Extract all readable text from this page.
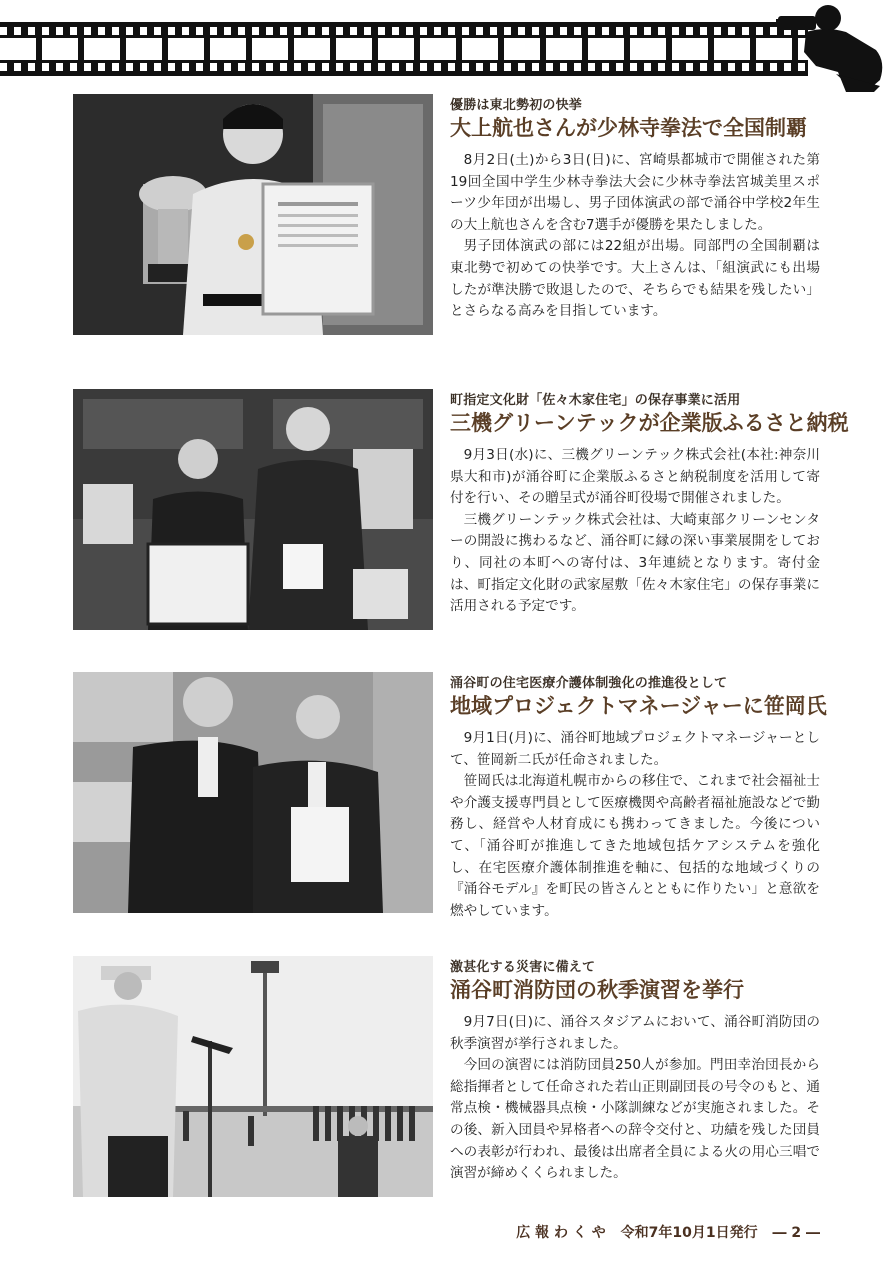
優勝は東北勢初の快挙
大上航也さんが少林寺拳法で全国制覇

8月2日(土)から3日(日)に、宮崎県都城市で開催された第19回全国中学生少林寺拳法大会に少林寺拳法宮城美里スポーツ少年団が出場し、男子団体演武の部で涌谷中学校2年生の大上航也さんを含む7選手が優勝を果たしました。

男子団体演武の部には22組が出場。同部門の全国制覇は東北勢で初めての快挙です。大上さんは、「組演武にも出場したが準決勝で敗退したので、そちらでも結果を残したい」とさらなる高みを目指しています。

町指定文化財「佐々木家住宅」の保存事業に活用
三機グリーンテックが企業版ふるさと納税

9月3日(水)に、三機グリーンテック株式会社(本社:神奈川県大和市)が涌谷町に企業版ふるさと納税制度を活用して寄付を行い、その贈呈式が涌谷町役場で開催されました。

三機グリーンテック株式会社は、大崎東部クリーンセンターの開設に携わるなど、涌谷町に縁の深い事業展開をしており、同社の本町への寄付は、3年連続となります。寄付金は、町指定文化財の武家屋敷「佐々木家住宅」の保存事業に活用される予定です。

涌谷町の住宅医療介護体制強化の推進役として
地域プロジェクトマネージャーに笹岡氏

9月1日(月)に、涌谷町地域プロジェクトマネージャーとして、笹岡新二氏が任命されました。

笹岡氏は北海道札幌市からの移住で、これまで社会福祉士や介護支援専門員として医療機関や高齢者福祉施設などで勤務し、経営や人材育成にも携わってきました。今後について、「涌谷町が推進してきた地域包括ケアシステムを強化し、在宅医療介護体制推進を軸に、包括的な地域づくりの『涌谷モデル』を町民の皆さんとともに作りたい」と意欲を燃やしています。

激甚化する災害に備えて
涌谷町消防団の秋季演習を挙行

9月7日(日)に、涌谷スタジアムにおいて、涌谷町消防団の秋季演習が挙行されました。

今回の演習には消防団員250人が参加。門田幸治団長から総指揮者として任命された若山正則副団長の号令のもと、通常点検・機械器具点検・小隊訓練などが実施されました。その後、新入団員や昇格者への辞令交付と、功績を残した団員への表彰が行われ、最後は出席者全員による火の用心三唱で演習が締めくくられました。

広 報 わ く や 令和7年10月1日発行 ― 2 ―
